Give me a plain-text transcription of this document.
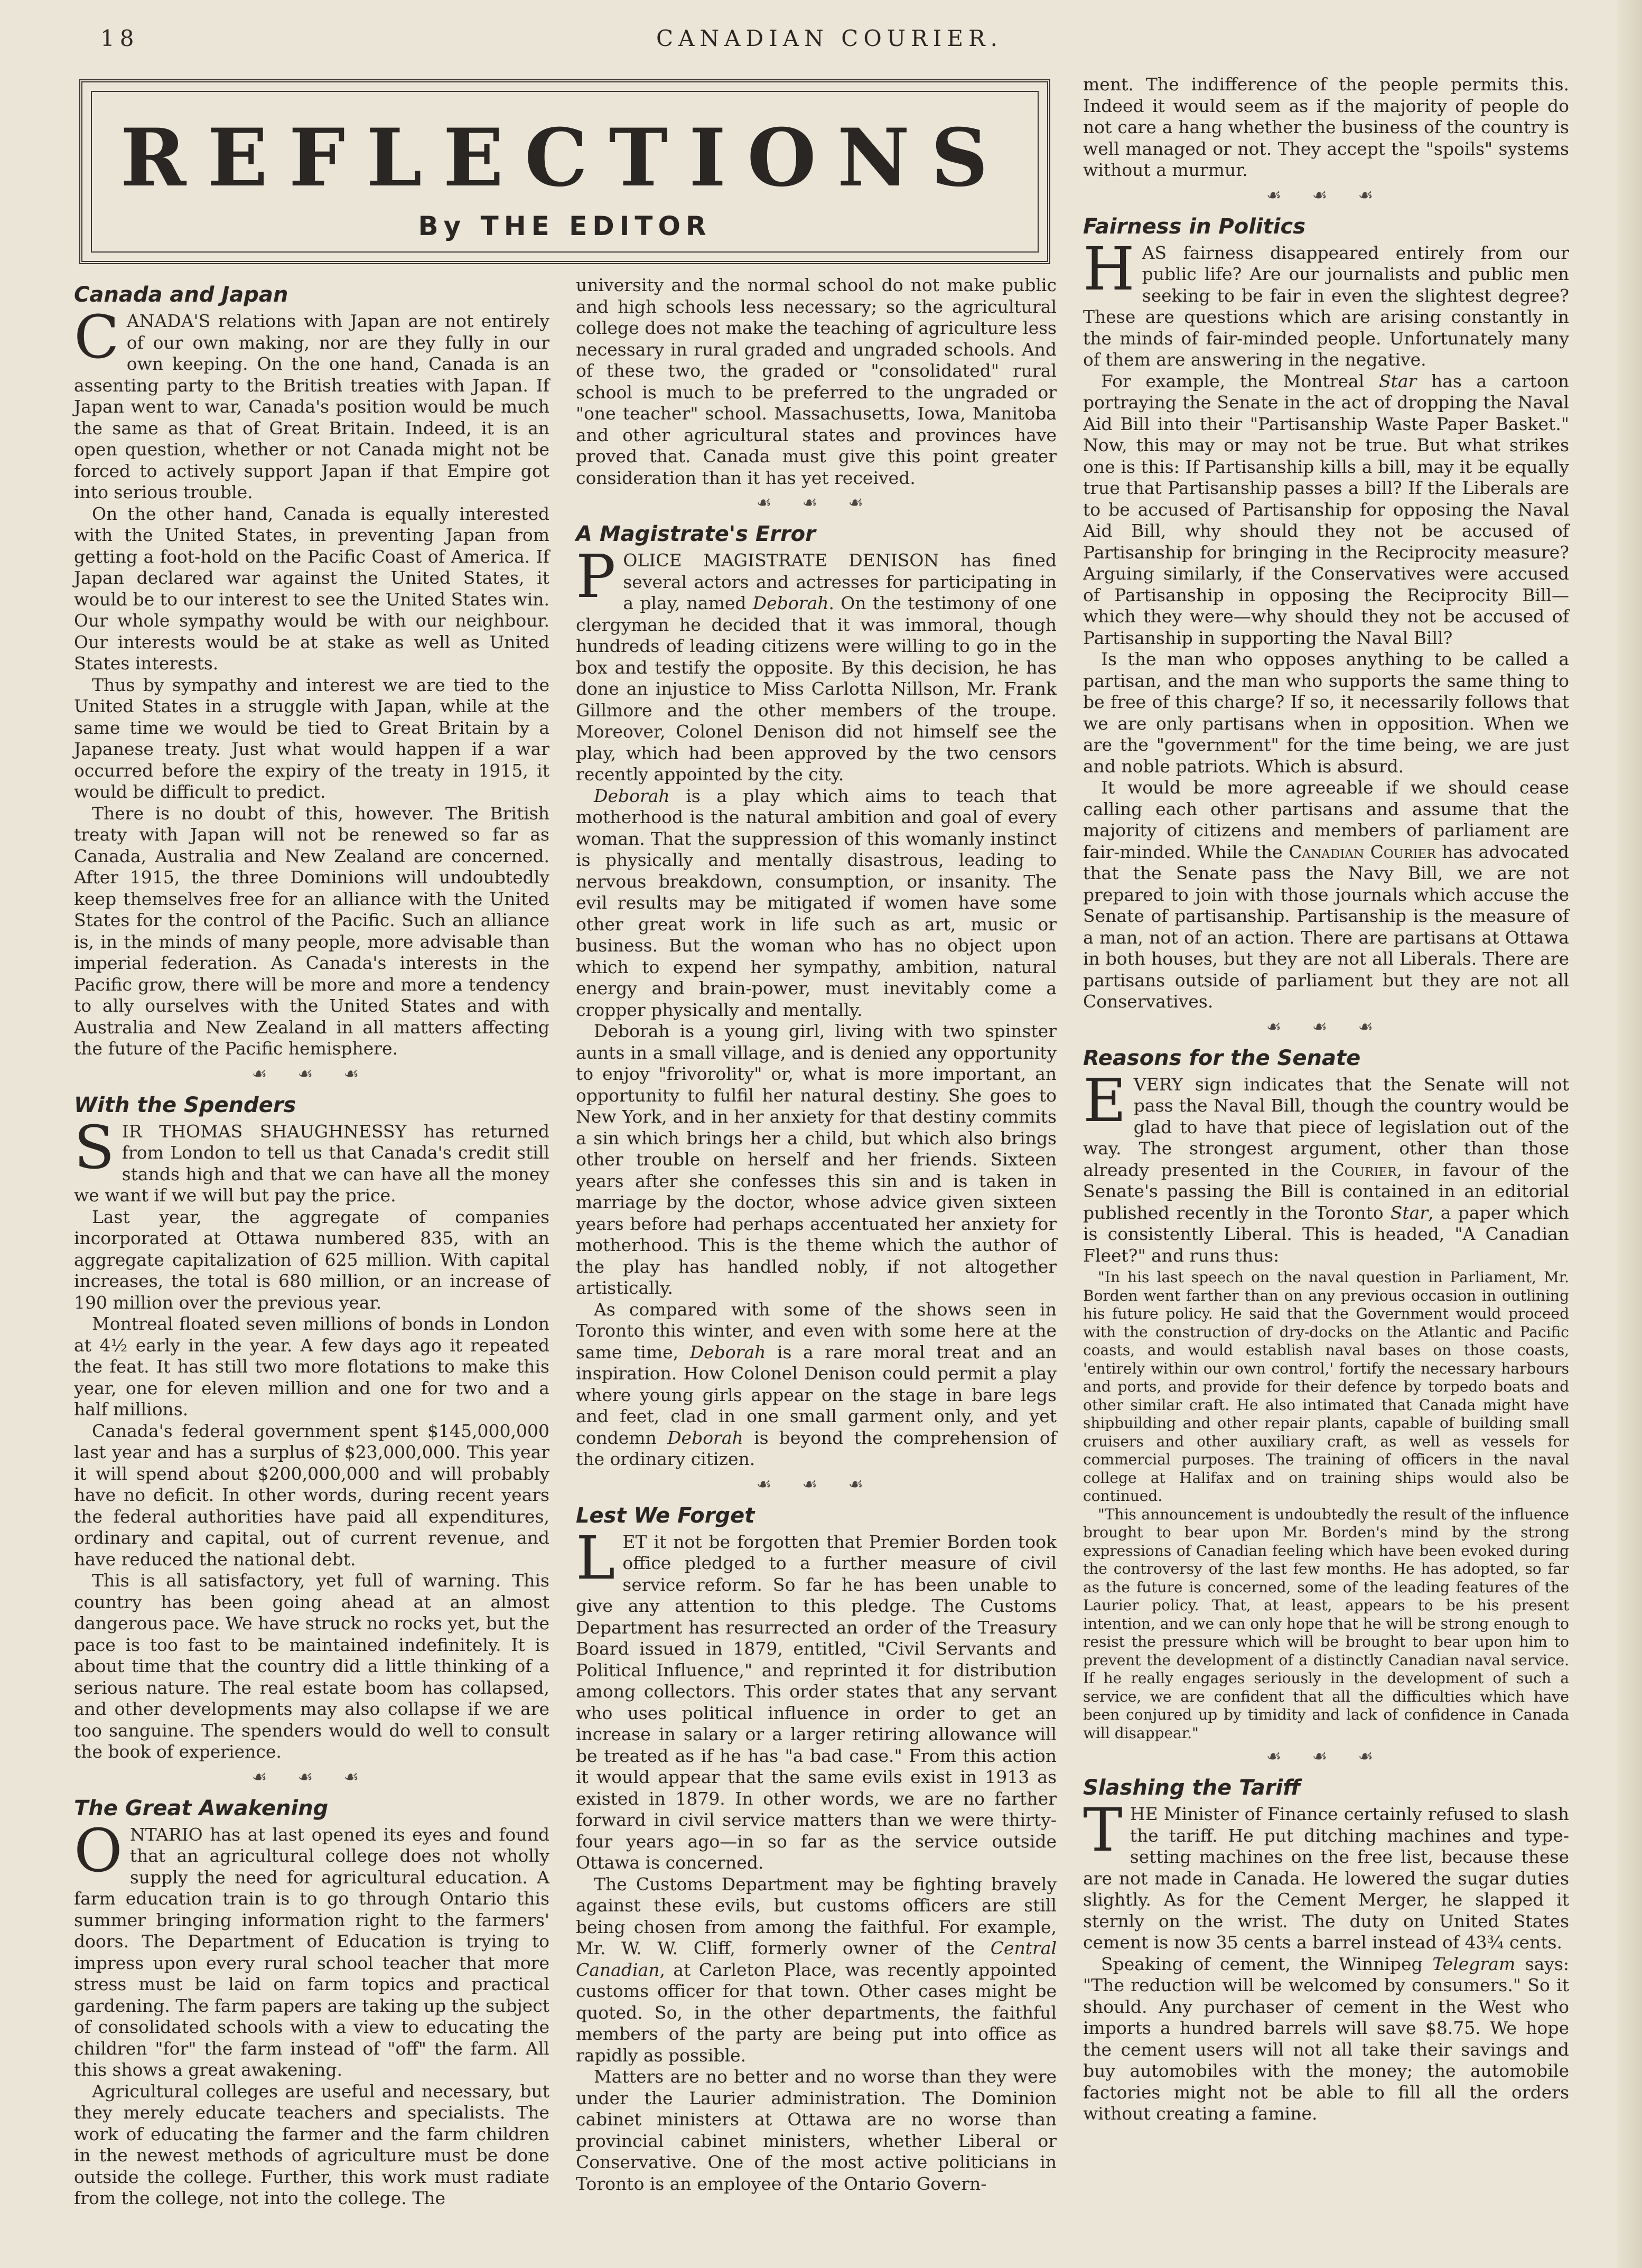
18	CANADIAN COURIER.
REFLECTIONS
By THE EDITOR
Canada and Japan

CANADA'S relations with Japan are not entirely of our own making, nor are they fully in our own keeping. On the one hand, Canada is an assenting party to the British treaties with Japan. If Japan went to war, Canada's position would be much the same as that of Great Britain. Indeed, it is an open question, whether or not Canada might not be forced to actively support Japan if that Empire got into serious trouble.

On the other hand, Canada is equally interested with the United States, in preventing Japan from getting a foot-hold on the Pacific Coast of America. If Japan declared war against the United States, it would be to our interest to see the United States win. Our whole sympathy would be with our neighbour. Our interests would be at stake as well as United States interests.

Thus by sympathy and interest we are tied to the United States in a struggle with Japan, while at the same time we would be tied to Great Britain by a Japanese treaty. Just what would happen if a war occurred before the expiry of the treaty in 1915, it would be difficult to predict.

There is no doubt of this, however. The British treaty with Japan will not be renewed so far as Canada, Australia and New Zealand are concerned. After 1915, the three Dominions will undoubtedly keep themselves free for an alliance with the United States for the control of the Pacific. Such an alliance is, in the minds of many people, more advisable than imperial federation. As Canada's interests in the Pacific grow, there will be more and more a tendency to ally ourselves with the United States and with Australia and New Zealand in all matters affecting the future of the Pacific hemisphere.

☙ ☙ ☙
With the Spenders

SIR THOMAS SHAUGHNESSY has returned from London to tell us that Canada's credit still stands high and that we can have all the money we want if we will but pay the price.

Last year, the aggregate of companies incorporated at Ottawa numbered 835, with an aggregate capitalization of 625 million. With capital increases, the total is 680 million, or an increase of 190 million over the previous year.

Montreal floated seven millions of bonds in London at 4½ early in the year. A few days ago it repeated the feat. It has still two more flotations to make this year, one for eleven million and one for two and a half millions.

Canada's federal government spent $145,000,000 last year and has a surplus of $23,000,000. This year it will spend about $200,000,000 and will probably have no deficit. In other words, during recent years the federal authorities have paid all expenditures, ordinary and capital, out of current revenue, and have reduced the national debt.

This is all satisfactory, yet full of warning. This country has been going ahead at an almost dangerous pace. We have struck no rocks yet, but the pace is too fast to be maintained indefinitely. It is about time that the country did a little thinking of a serious nature. The real estate boom has collapsed, and other developments may also collapse if we are too sanguine. The spenders would do well to consult the book of experience.

☙ ☙ ☙
The Great Awakening

ONTARIO has at last opened its eyes and found that an agricultural college does not wholly supply the need for agricultural education. A farm education train is to go through Ontario this summer bringing information right to the farmers' doors. The Department of Education is trying to impress upon every rural school teacher that more stress must be laid on farm topics and practical gardening. The farm papers are taking up the subject of consolidated schools with a view to educating the children "for" the farm instead of "off" the farm. All this shows a great awakening.

Agricultural colleges are useful and necessary, but they merely educate teachers and specialists. The work of educating the farmer and the farm children in the newest methods of agriculture must be done outside the college. Further, this work must radiate from the college, not into the college. The

university and the normal school do not make public and high schools less necessary; so the agricultural college does not make the teaching of agriculture less necessary in rural graded and ungraded schools. And of these two, the graded or "consolidated" rural school is much to be preferred to the ungraded or "one teacher" school. Massachusetts, Iowa, Manitoba and other agricultural states and provinces have proved that. Canada must give this point greater consideration than it has yet received.

☙ ☙ ☙
A Magistrate's Error

POLICE MAGISTRATE DENISON has fined several actors and actresses for participating in a play, named Deborah. On the testimony of one clergyman he decided that it was immoral, though hundreds of leading citizens were willing to go in the box and testify the opposite. By this decision, he has done an injustice to Miss Carlotta Nillson, Mr. Frank Gillmore and the other members of the troupe. Moreover, Colonel Denison did not himself see the play, which had been approved by the two censors recently appointed by the city.

Deborah is a play which aims to teach that motherhood is the natural ambition and goal of every woman. That the suppression of this womanly instinct is physically and mentally disastrous, leading to nervous breakdown, consumption, or insanity. The evil results may be mitigated if women have some other great work in life such as art, music or business. But the woman who has no object upon which to expend her sympathy, ambition, natural energy and brain-power, must inevitably come a cropper physically and mentally.

Deborah is a young girl, living with two spinster aunts in a small village, and is denied any opportunity to enjoy "frivorolity" or, what is more important, an opportunity to fulfil her natural destiny. She goes to New York, and in her anxiety for that destiny commits a sin which brings her a child, but which also brings other trouble on herself and her friends. Sixteen years after she confesses this sin and is taken in marriage by the doctor, whose advice given sixteen years before had perhaps accentuated her anxiety for motherhood. This is the theme which the author of the play has handled nobly, if not altogether artistically.

As compared with some of the shows seen in Toronto this winter, and even with some here at the same time, Deborah is a rare moral treat and an inspiration. How Colonel Denison could permit a play where young girls appear on the stage in bare legs and feet, clad in one small garment only, and yet condemn Deborah is beyond the comprehension of the ordinary citizen.

☙ ☙ ☙
Lest We Forget

LET it not be forgotten that Premier Borden took office pledged to a further measure of civil service reform. So far he has been unable to give any attention to this pledge. The Customs Department has resurrected an order of the Treasury Board issued in 1879, entitled, "Civil Servants and Political Influence," and reprinted it for distribution among collectors. This order states that any servant who uses political influence in order to get an increase in salary or a larger retiring allowance will be treated as if he has "a bad case." From this action it would appear that the same evils exist in 1913 as existed in 1879. In other words, we are no farther forward in civil service matters than we were thirty-four years ago—in so far as the service outside Ottawa is concerned.

The Customs Department may be fighting bravely against these evils, but customs officers are still being chosen from among the faithful. For example, Mr. W. W. Cliff, formerly owner of the Central Canadian, at Carleton Place, was recently appointed customs officer for that town. Other cases might be quoted. So, in the other departments, the faithful members of the party are being put into office as rapidly as possible.

Matters are no better and no worse than they were under the Laurier administration. The Dominion cabinet ministers at Ottawa are no worse than provincial cabinet ministers, whether Liberal or Conservative. One of the most active politicians in Toronto is an employee of the Ontario Govern-

ment. The indifference of the people permits this. Indeed it would seem as if the majority of people do not care a hang whether the business of the country is well managed or not. They accept the "spoils" systems without a murmur.

☙ ☙ ☙
Fairness in Politics

HAS fairness disappeared entirely from our public life? Are our journalists and public men seeking to be fair in even the slightest degree? These are questions which are arising constantly in the minds of fair-minded people. Unfortunately many of them are answering in the negative.

For example, the Montreal Star has a cartoon portraying the Senate in the act of dropping the Naval Aid Bill into their "Partisanship Waste Paper Basket." Now, this may or may not be true. But what strikes one is this: If Partisanship kills a bill, may it be equally true that Partisanship passes a bill? If the Liberals are to be accused of Partisanship for opposing the Naval Aid Bill, why should they not be accused of Partisanship for bringing in the Reciprocity measure? Arguing similarly, if the Conservatives were accused of Partisanship in opposing the Reciprocity Bill—which they were—why should they not be accused of Partisanship in supporting the Naval Bill?

Is the man who opposes anything to be called a partisan, and the man who supports the same thing to be free of this charge? If so, it necessarily follows that we are only partisans when in opposition. When we are the "government" for the time being, we are just and noble patriots. Which is absurd.

It would be more agreeable if we should cease calling each other partisans and assume that the majority of citizens and members of parliament are fair-minded. While the Canadian Courier has advocated that the Senate pass the Navy Bill, we are not prepared to join with those journals which accuse the Senate of partisanship. Partisanship is the measure of a man, not of an action. There are partisans at Ottawa in both houses, but they are not all Liberals. There are partisans outside of parliament but they are not all Conservatives.

☙ ☙ ☙
Reasons for the Senate

EVERY sign indicates that the Senate will not pass the Naval Bill, though the country would be glad to have that piece of legislation out of the way. The strongest argument, other than those already presented in the Courier, in favour of the Senate's passing the Bill is contained in an editorial published recently in the Toronto Star, a paper which is consistently Liberal. This is headed, "A Canadian Fleet?" and runs thus:

"In his last speech on the naval question in Parliament, Mr. Borden went farther than on any previous occasion in outlining his future policy. He said that the Government would proceed with the construction of dry-docks on the Atlantic and Pacific coasts, and would establish naval bases on those coasts, 'entirely within our own control,' fortify the necessary harbours and ports, and provide for their defence by torpedo boats and other similar craft. He also intimated that Canada might have shipbuilding and other repair plants, capable of building small cruisers and other auxiliary craft, as well as vessels for commercial purposes. The training of officers in the naval college at Halifax and on training ships would also be continued.

"This announcement is undoubtedly the result of the influence brought to bear upon Mr. Borden's mind by the strong expressions of Canadian feeling which have been evoked during the controversy of the last few months. He has adopted, so far as the future is concerned, some of the leading features of the Laurier policy. That, at least, appears to be his present intention, and we can only hope that he will be strong enough to resist the pressure which will be brought to bear upon him to prevent the development of a distinctly Canadian naval service. If he really engages seriously in the development of such a service, we are confident that all the difficulties which have been conjured up by timidity and lack of confidence in Canada will disappear."

☙ ☙ ☙
Slashing the Tariff

THE Minister of Finance certainly refused to slash the tariff. He put ditching machines and type-setting machines on the free list, because these are not made in Canada. He lowered the sugar duties slightly. As for the Cement Merger, he slapped it sternly on the wrist. The duty on United States cement is now 35 cents a barrel instead of 43¾ cents.

Speaking of cement, the Winnipeg Telegram says: "The reduction will be welcomed by consumers." So it should. Any purchaser of cement in the West who imports a hundred barrels will save $8.75. We hope the cement users will not all take their savings and buy automobiles with the money; the automobile factories might not be able to fill all the orders without creating a famine.
